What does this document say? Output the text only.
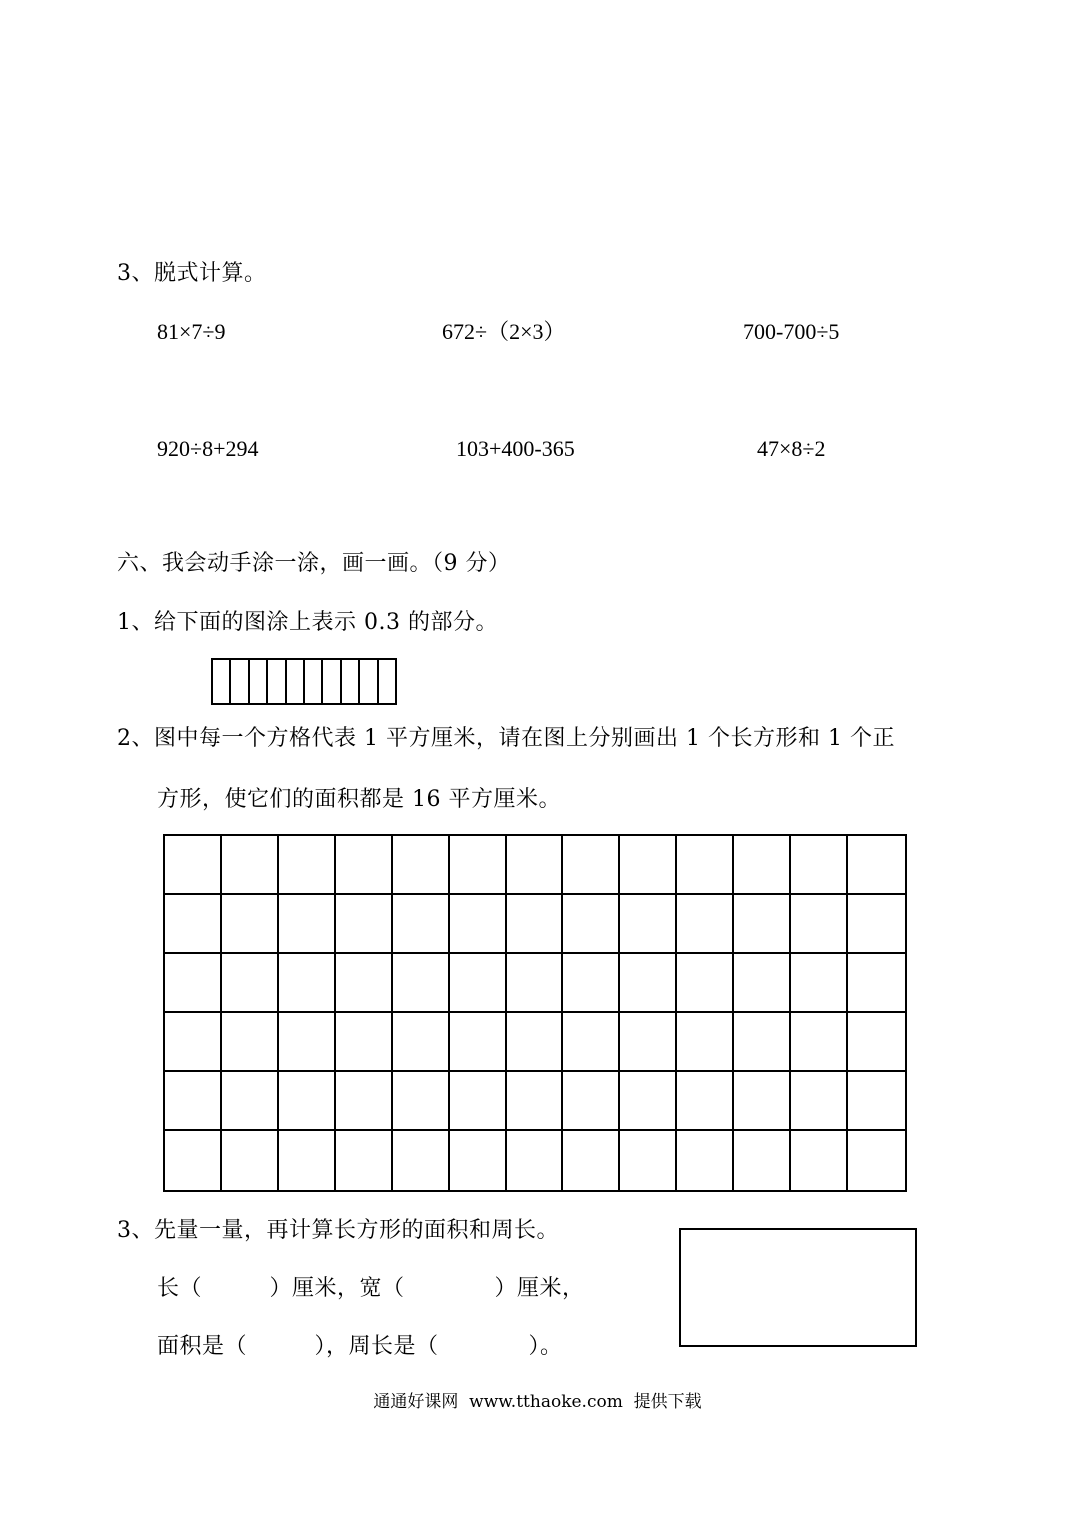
3、脱式计算。
81×7÷9	672÷（2×3）	700-700÷5
920÷8+294	103+400-365	47×8÷2
六、我会动手涂一涂，画一画。（9 分）
1、给下面的图涂上表示 0.3 的部分。
2、图中每一个方格代表 1 平方厘米，请在图上分别画出 1 个长方形和 1 个正
方形，使它们的面积都是 16 平方厘米。
3、先量一量，再计算长方形的面积和周长。
长（　　　）厘米，宽（　　　　）厘米，
面积是（　　　），周长是（　　　　）。
通通好课网  www.tthaoke.com  提供下载
